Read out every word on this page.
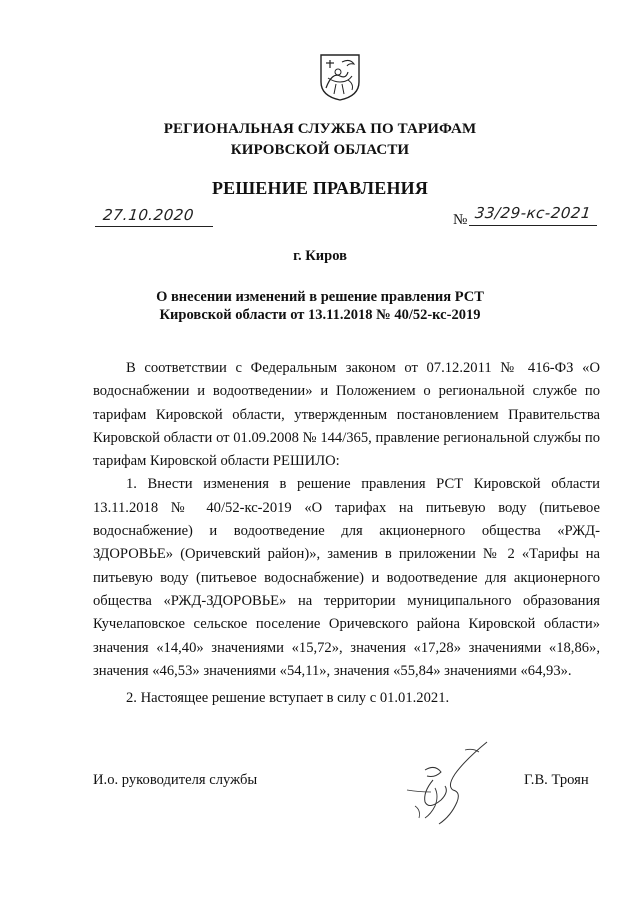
РЕГИОНАЛЬНАЯ СЛУЖБА ПО ТАРИФАМ
КИРОВСКОЙ ОБЛАСТИ
РЕШЕНИЕ ПРАВЛЕНИЯ
27.10.2020	№ 33/29-кс-2021
г. Киров
О внесении изменений в решение правления РСТ Кировской области от 13.11.2018 № 40/52-кс-2019

В соответствии с Федеральным законом от 07.12.2011 № 416-ФЗ «О водоснабжении и водоотведении» и Положением о региональной службе по тарифам Кировской области, утвержденным постановлением Правительства Кировской области от 01.09.2008 № 144/365, правление региональной службы по тарифам Кировской области РЕШИЛО:

1. Внести изменения в решение правления РСТ Кировской области 13.11.2018 № 40/52-кс-2019 «О тарифах на питьевую воду (питьевое водоснабжение) и водоотведение для акционерного общества «РЖД-ЗДОРОВЬЕ» (Оричевский район)», заменив в приложении № 2 «Тарифы на питьевую воду (питьевое водоснабжение) и водоотведение для акционерного общества «РЖД-ЗДОРОВЬЕ» на территории муниципального образования Кучелаповское сельское поселение Оричевского района Кировской области» значения «14,40» значениями «15,72», значения «17,28» значениями «18,86», значения «46,53» значениями «54,11», значения «55,84» значениями «64,93».

2. Настоящее решение вступает в силу с 01.01.2021.

И.о. руководителя службы	Г.В. Троян
